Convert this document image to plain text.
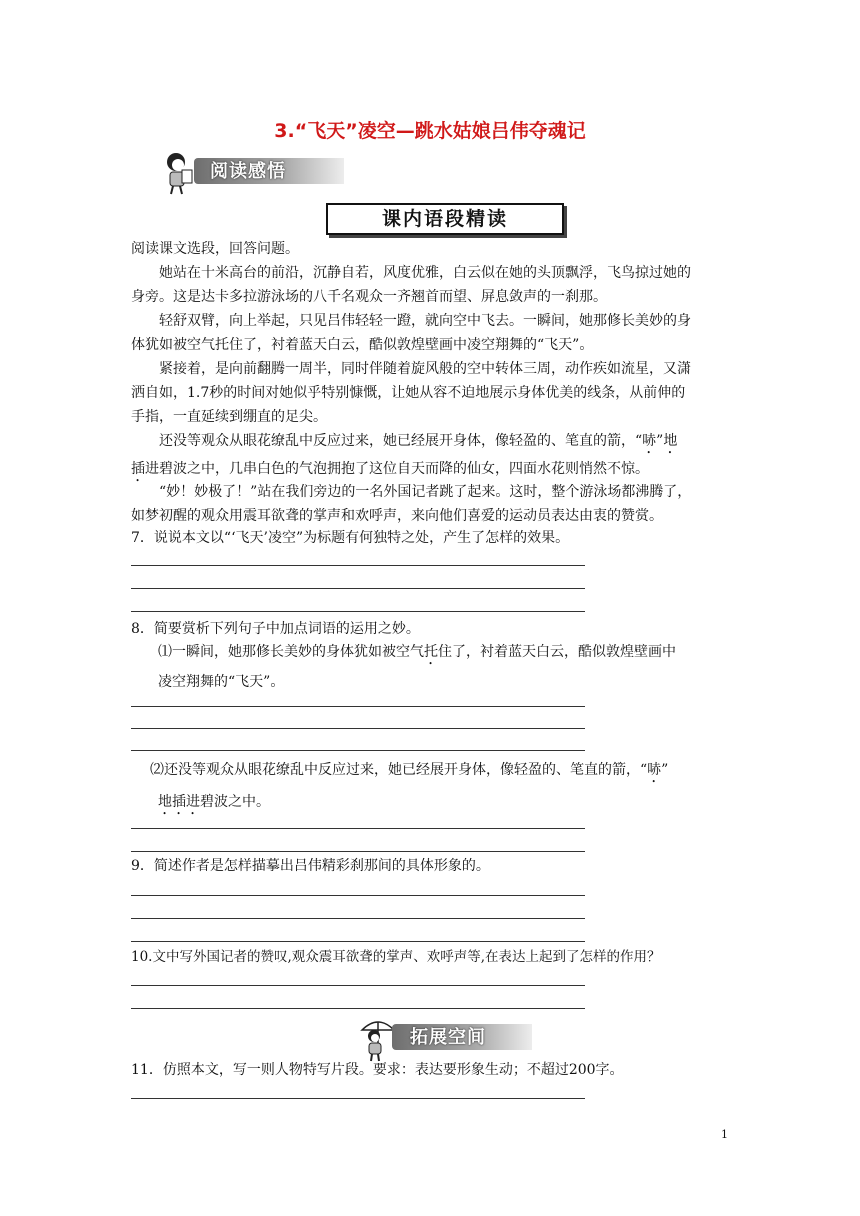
3.“飞天”凌空—跳水姑娘吕伟夺魂记
阅读感悟
课内语段精读
阅读课文选段，回答问题。
她站在十米高台的前沿，沉静自若，风度优雅，白云似在她的头顶飘浮，飞鸟掠过她的
身旁。这是达卡多拉游泳场的八千名观众一齐翘首而望、屏息敛声的一刹那。
轻舒双臂，向上举起，只见吕伟轻轻一蹬，就向空中飞去。一瞬间，她那修长美妙的身
体犹如被空气托住了，衬着蓝天白云，酷似敦煌壁画中凌空翔舞的“飞天”。
紧接着，是向前翻腾一周半，同时伴随着旋风般的空中转体三周，动作疾如流星，又潇
洒自如，1.7秒的时间对她似乎特别慷慨，让她从容不迫地展示身体优美的线条，从前伸的
手指，一直延续到绷直的足尖。
还没等观众从眼花缭乱中反应过来，她已经展开身体，像轻盈的、笔直的箭，“哧”地
插进碧波之中，几串白色的气泡拥抱了这位自天而降的仙女，四面水花则悄然不惊。
“妙！妙极了！”站在我们旁边的一名外国记者跳了起来。这时，整个游泳场都沸腾了，
如梦初醒的观众用震耳欲聋的掌声和欢呼声，来向他们喜爱的运动员表达由衷的赞赏。
7．说说本文以“‘飞天’凌空”为标题有何独特之处，产生了怎样的效果。
8．简要赏析下列句子中加点词语的运用之妙。
⑴一瞬间，她那修长美妙的身体犹如被空气托住了，衬着蓝天白云，酷似敦煌壁画中
凌空翔舞的“飞天”。
⑵还没等观众从眼花缭乱中反应过来，她已经展开身体，像轻盈的、笔直的箭，“哧”
地插进碧波之中。
9．简述作者是怎样描摹出吕伟精彩刹那间的具体形象的。
10.文中写外国记者的赞叹,观众震耳欲聋的掌声、欢呼声等,在表达上起到了怎样的作用？
拓展空间
11．仿照本文，写一则人物特写片段。要求：表达要形象生动；不超过200字。
1
